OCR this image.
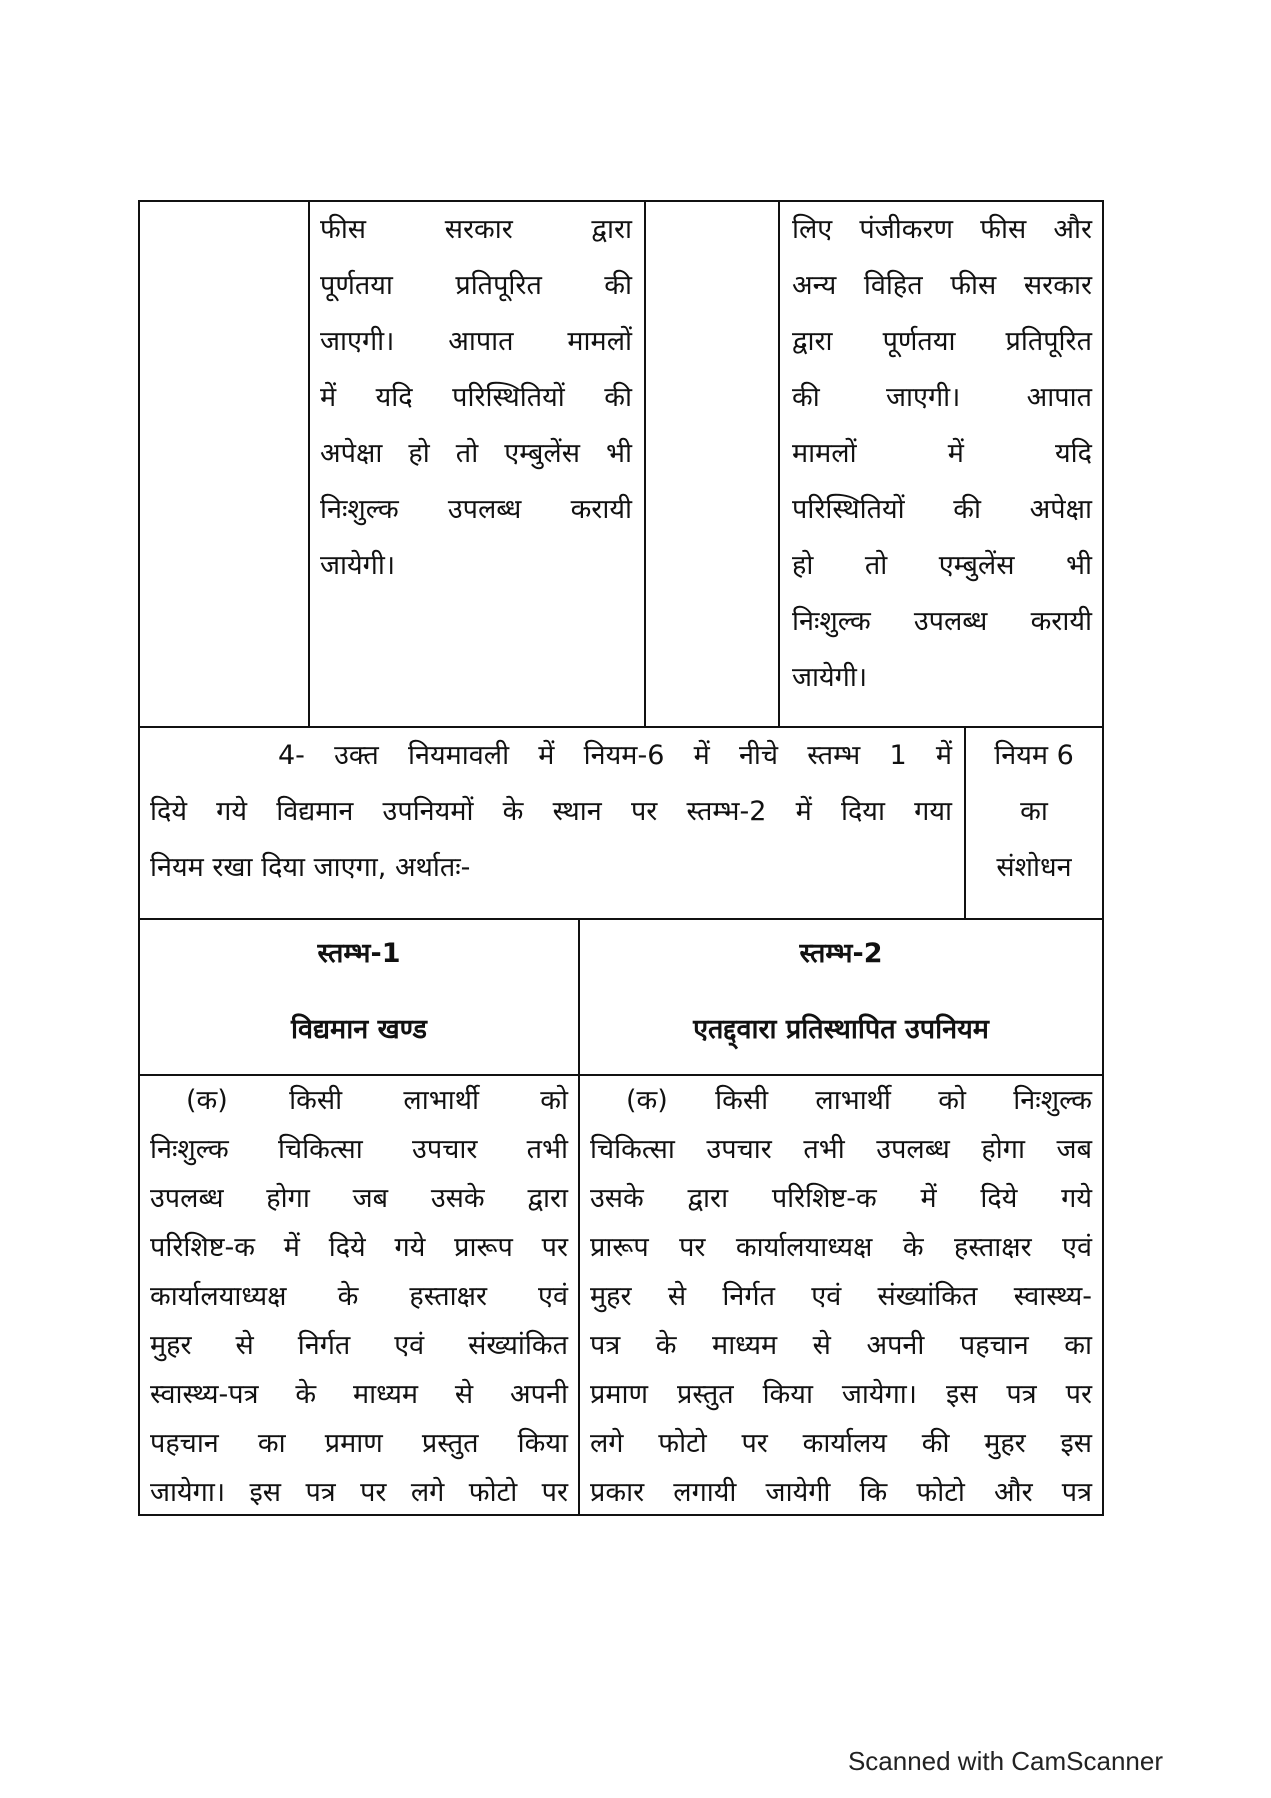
फीस सरकार द्वारा
पूर्णतया प्रतिपूरित की
जाएगी। आपात मामलों
में यदि परिस्थितियों की
अपेक्षा हो तो एम्बुलेंस भी
निःशुल्क उपलब्ध करायी
जायेगी।
लिए पंजीकरण फीस और
अन्य विहित फीस सरकार
द्वारा पूर्णतया प्रतिपूरित
की जाएगी। आपात
मामलों में यदि
परिस्थितियों की अपेक्षा
हो तो एम्बुलेंस भी
निःशुल्क उपलब्ध करायी
जायेगी।
4- उक्त नियमावली में नियम-6 में नीचे स्तम्भ 1 में
दिये गये विद्यमान उपनियमों के स्थान पर स्तम्भ-2 में दिया गया
नियम रखा दिया जाएगा, अर्थातः-
नियम 6
का
संशोधन
स्तम्भ-1
विद्यमान खण्ड
स्तम्भ-2
एतद्द्वारा प्रतिस्थापित उपनियम
(क) किसी लाभार्थी को
निःशुल्क चिकित्सा उपचार तभी
उपलब्ध होगा जब उसके द्वारा
परिशिष्ट-क में दिये गये प्रारूप पर
कार्यालयाध्यक्ष के हस्ताक्षर एवं
मुहर से निर्गत एवं संख्यांकित
स्वास्थ्य-पत्र के माध्यम से अपनी
पहचान का प्रमाण प्रस्तुत किया
जायेगा। इस पत्र पर लगे फोटो पर
(क) किसी लाभार्थी को निःशुल्क
चिकित्सा उपचार तभी उपलब्ध होगा जब
उसके द्वारा परिशिष्ट-क में दिये गये
प्रारूप पर कार्यालयाध्यक्ष के हस्ताक्षर एवं
मुहर से निर्गत एवं संख्यांकित स्वास्थ्य-
पत्र के माध्यम से अपनी पहचान का
प्रमाण प्रस्तुत किया जायेगा। इस पत्र पर
लगे फोटो पर कार्यालय की मुहर इस
प्रकार लगायी जायेगी कि फोटो और पत्र
Scanned with CamScanner
